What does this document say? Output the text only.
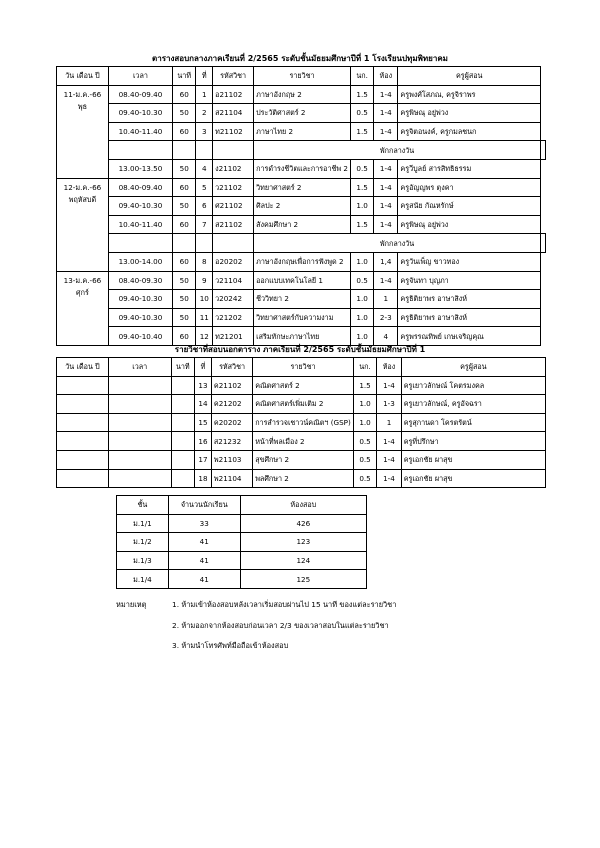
ตารางสอบกลางภาคเรียนที่ 2/2565 ระดับชั้นมัธยมศึกษาปีที่ 1 โรงเรียนปทุมพิทยาคม
วัน เดือน ปี	เวลา	นาที	ที่	รหัสวิชา	รายวิชา	นก.	ห้อง	ครูผู้สอน	

11-ม.ค.-66
พุธ	08.40-09.40	60	1	อ21102	ภาษาอังกฤษ 2	1.5	1-4	ครูพงศ์โสภณ, ครูจิราพร	
	09.40-10.30	50	2	ส21104	ประวัติศาสตร์ 2	0.5	1-4	ครูพิษณุ อยู่พ่วง	
	10.40-11.40	60	3	ท21102	ภาษาไทย 2	1.5	1-4	ครูจิตอนงค์, ครูกมลชนก	
					พักกลางวัน				
	13.00-13.50	50	4	ง21102	การดำรงชีวิตและการอาชีพ 2	0.5	1-4	ครูวีบูลย์ สารสิทธิธรรม	

12-ม.ค.-66
พฤหัสบดี	08.40-09.40	60	5	ว21102	วิทยาศาสตร์ 2	1.5	1-4	ครูอัญญพร ตุงคา	
	09.40-10.30	50	6	ศ21102	ศิลปะ 2	1.0	1-4	ครูสนัย กัณหรักษ์	
	10.40-11.40	60	7	ส21102	สังคมศึกษา 2	1.5	1-4	ครูพิษณุ อยู่พ่วง	
					พักกลางวัน				
	13.00-14.00	60	8	อ20202	ภาษาอังกฤษเพื่อการฟังพูด 2	1.0	1,4	ครูวันเพ็ญ ขาวทอง	

13-ม.ค.-66
ศุกร์	08.40-09.30	50	9	ว21104	ออกแบบเทคโนโลยี 1	0.5	1-4	ครูจันทา บุญภา	
	09.40-10.30	50	10	ว20242	ชีววิทยา 2	1.0	1	ครูธิติยาพร อาษาสิงห์	
	09.40-10.30	50	11	ว21202	วิทยาศาสตร์กับความงาม	1.0	2-3	ครูธิติยาพร อาษาสิงห์	
	09.40-10.40	60	12	ท21201	เสริมทักษะภาษาไทย	1.0	4	ครูพรรณทิพย์ เกษเจริญคุณ	
รายวิชาที่สอบนอกตาราง ภาคเรียนที่ 2/2565 ระดับชั้นมัธยมศึกษาปีที่ 1
วัน เดือน ปี	เวลา	นาที	ที่	รหัสวิชา	รายวิชา	นก.	ห้อง	ครูผู้สอน
			13	ค21102	คณิตศาสตร์ 2	1.5	1-4	ครูเยาวลักษณ์ โคตรมงคล
			14	ค21202	คณิตศาสตร์เพิ่มเติม 2	1.0	1-3	ครูเยาวลักษณ์, ครูอัจฉรา
			15	ค20202	การสำรวจเชาวน์คณิตฯ (GSP)	1.0	1	ครูสุกานดา โครตรัตน์
			16	ส21232	หน้าที่พลเมือง 2	0.5	1-4	ครูที่ปรึกษา
			17	พ21103	สุขศึกษา 2	0.5	1-4	ครูเอกชัย ผาสุข
			18	พ21104	พลศึกษา 2	0.5	1-4	ครูเอกชัย ผาสุข
ชั้น	จำนวนนักเรียน	ห้องสอบ
ม.1/1	33	426
ม.1/2	41	123
ม.1/3	41	124
ม.1/4	41	125
หมายเหตุ	1. ห้ามเข้าห้องสอบหลังเวลาเริ่มสอบผ่านไป 15 นาที ของแต่ละรายวิชา
2. ห้ามออกจากห้องสอบก่อนเวลา 2/3 ของเวลาสอบในแต่ละรายวิชา
3. ห้ามนำโทรศัพท์มือถือเข้าห้องสอบ
